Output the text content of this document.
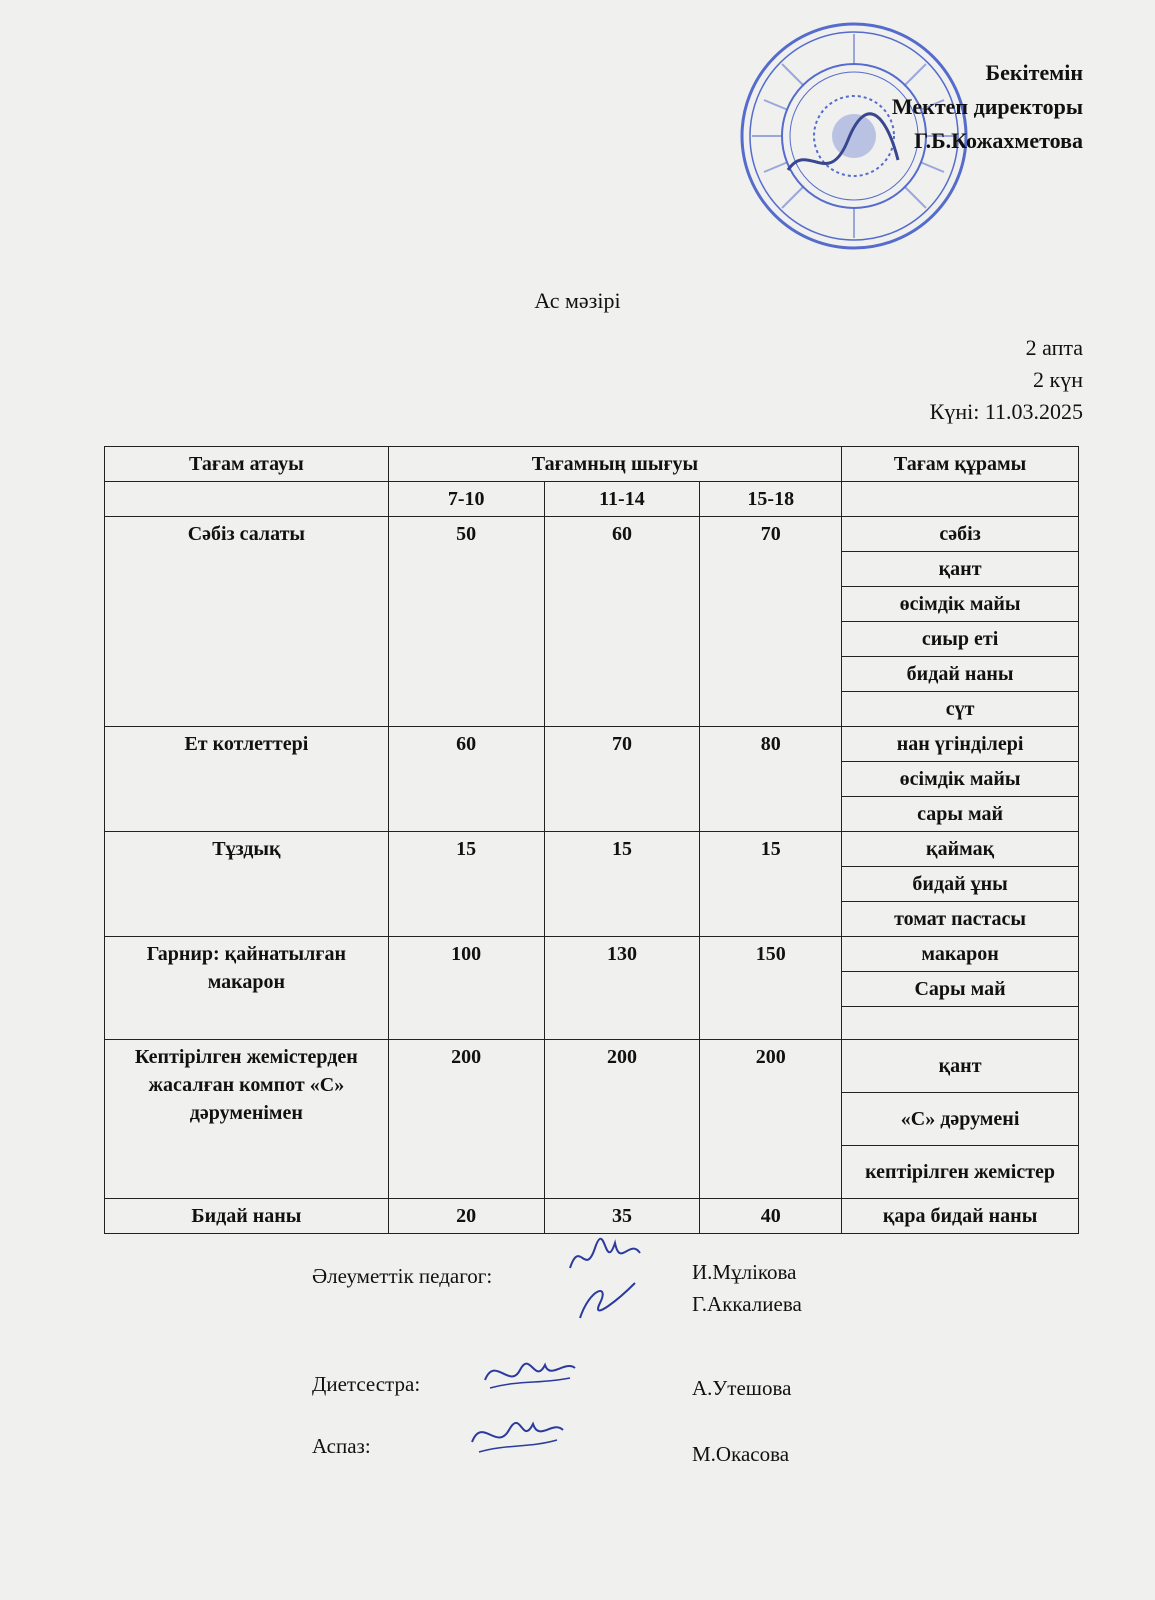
Бекітемін
Мектеп директоры
Г.Б.Кожахметова
Ас мәзірі
2 апта
2 күн
Күні: 11.03.2025
Тағам атауы	Тағамның шығуы			Тағам құрамы
	7-10	11-14	15-18	
Сәбіз салаты	50	60	70	сәбіз
				қант
				өсімдік майы
				сиыр еті
				бидай наны
				сүт
Ет котлеттері	60	70	80	нан үгінділері
				өсімдік майы
				сары май
Тұздық	15	15	15	қаймақ
				бидай ұны
				томат пастасы
Гарнир: қайнатылған макарон	100	130	150	макарон
				Сары май

Кептірілген жемістерден жасалған компот «С» дәруменімен	200	200	200	қант
				«С» дәрумені
				кептірілген жемістер
Бидай наны	20	35	40	қара бидай наны
Әлеуметтік педагог:	И.Мұлікова
Г.Аккалиева
Диетсестра:	А.Утешова
Аспаз:	М.Окасова
